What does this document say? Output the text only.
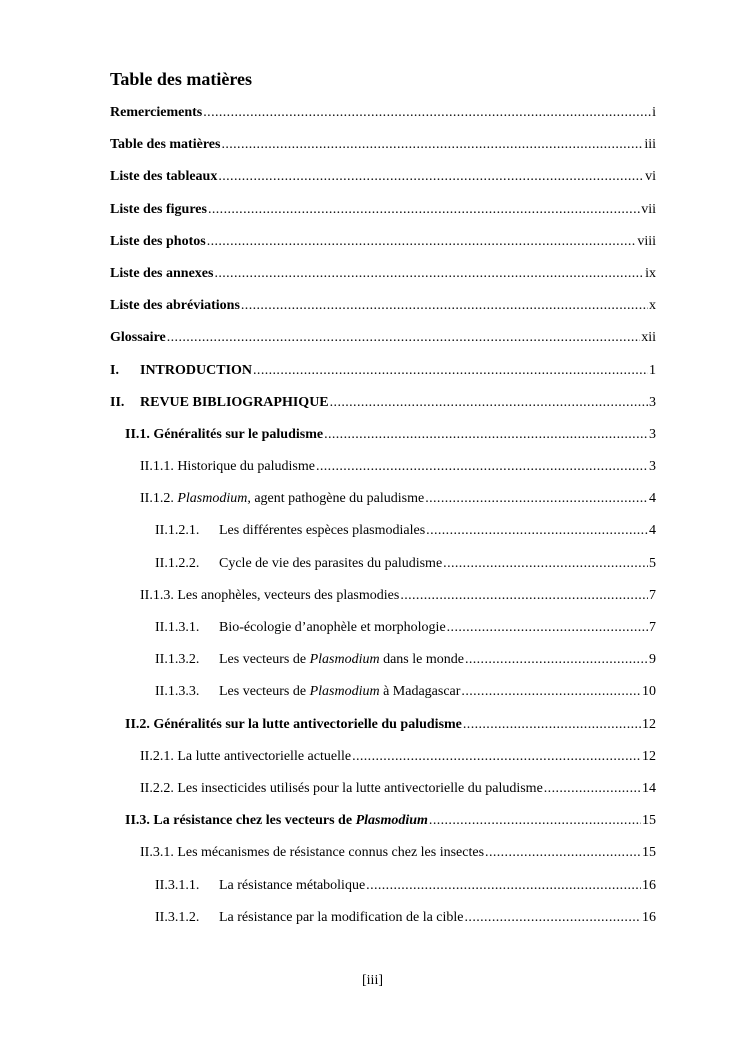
Table des matières
Remerciements .....	i
Table des matières .....	iii
Liste des tableaux .....	vi
Liste des figures .....	vii
Liste des photos .....	viii
Liste des annexes .....	ix
Liste des abréviations .....	x
Glossaire .....	xii
I.	INTRODUCTION .....	1
II.	REVUE BIBLIOGRAPHIQUE .....	3
II.1. Généralités sur le paludisme .....	3
II.1.1. Historique du paludisme .....	3
II.1.2. Plasmodium, agent pathogène du paludisme .....	4
II.1.2.1.	Les différentes espèces plasmodiales .....	4
II.1.2.2.	Cycle de vie des parasites du paludisme .....	5
II.1.3. Les anophèles, vecteurs des plasmodies .....	7
II.1.3.1.	Bio-écologie d’anophèle et morphologie .....	7
II.1.3.2.	Les vecteurs de Plasmodium dans le monde .....	9
II.1.3.3.	Les vecteurs de Plasmodium à Madagascar .....	10
II.2. Généralités sur la lutte antivectorielle du paludisme .....	12
II.2.1. La lutte antivectorielle actuelle .....	12
II.2.2. Les insecticides utilisés pour la lutte antivectorielle du paludisme .....	14
II.3. La résistance chez les vecteurs de Plasmodium .....	15
II.3.1. Les mécanismes de résistance connus chez les insectes .....	15
II.3.1.1.	La résistance métabolique .....	16
II.3.1.2.	La résistance par la modification de la cible .....	16
[iii]
